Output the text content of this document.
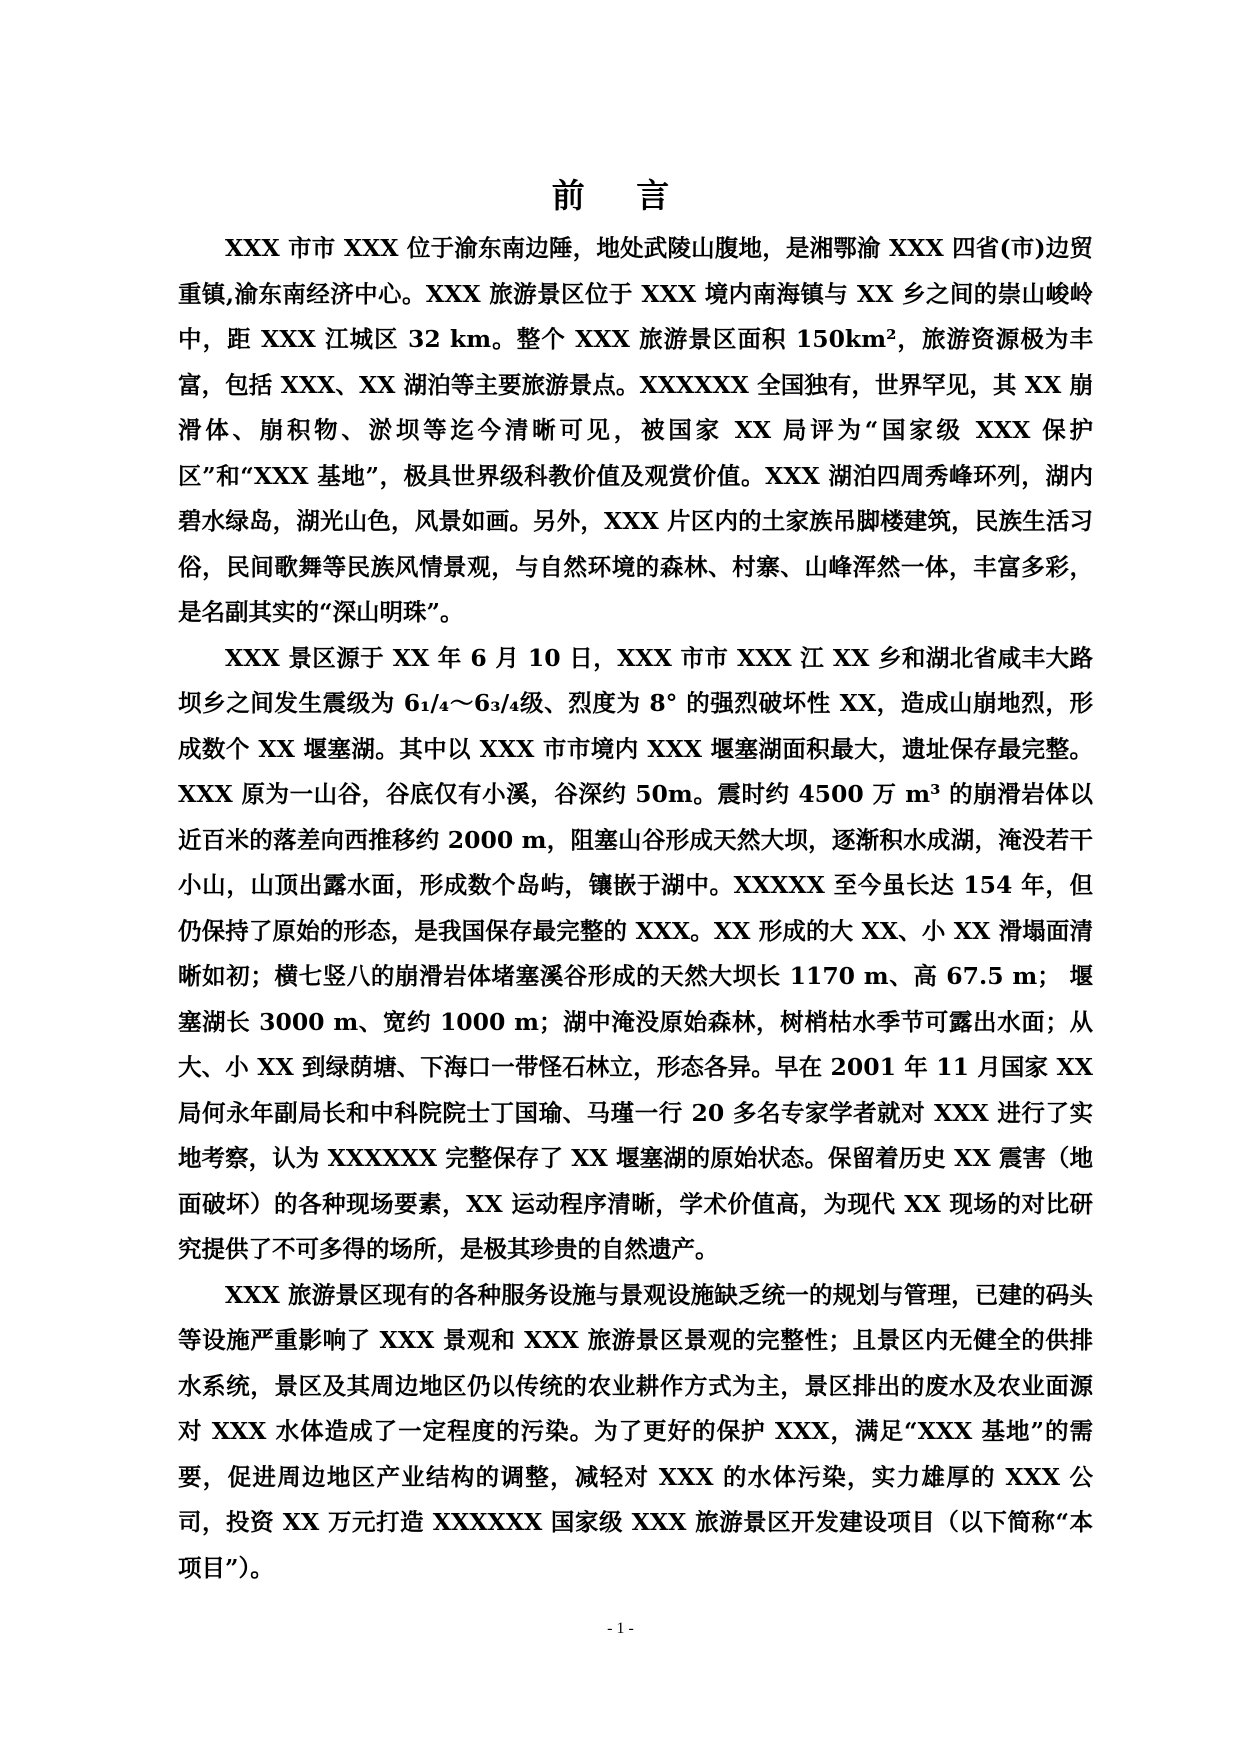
前 言

XXX 市市 XXX 位于渝东南边陲，地处武陵山腹地，是湘鄂渝 XXX 四省(市)边贸重镇,渝东南经济中心。XXX 旅游景区位于 XXX 境内南海镇与 XX 乡之间的崇山峻岭中，距 XXX 江城区 32 km。整个 XXX 旅游景区面积 150km²，旅游资源极为丰富，包括 XXX、XX 湖泊等主要旅游景点。XXXXXX 全国独有，世界罕见，其 XX 崩滑体、崩积物、淤坝等迄今清晰可见，被国家 XX 局评为“国家级 XXX 保护区”和“XXX 基地”，极具世界级科教价值及观赏价值。XXX 湖泊四周秀峰环列，湖内碧水绿岛，湖光山色，风景如画。另外，XXX 片区内的土家族吊脚楼建筑，民族生活习俗，民间歌舞等民族风情景观，与自然环境的森林、村寨、山峰浑然一体，丰富多彩，是名副其实的“深山明珠”。

XXX 景区源于 XX 年 6 月 10 日，XXX 市市 XXX 江 XX 乡和湖北省咸丰大路坝乡之间发生震级为 6₁/₄～6₃/₄级、烈度为 8° 的强烈破坏性 XX，造成山崩地烈，形成数个 XX 堰塞湖。其中以 XXX 市市境内 XXX 堰塞湖面积最大，遗址保存最完整。XXX 原为一山谷，谷底仅有小溪，谷深约 50m。震时约 4500 万 m³ 的崩滑岩体以近百米的落差向西推移约 2000 m，阻塞山谷形成天然大坝，逐渐积水成湖，淹没若干小山，山顶出露水面，形成数个岛屿，镶嵌于湖中。XXXXX 至今虽长达 154 年，但仍保持了原始的形态，是我国保存最完整的 XXX。XX 形成的大 XX、小 XX 滑塌面清晰如初；横七竖八的崩滑岩体堵塞溪谷形成的天然大坝长 1170 m、高 67.5 m； 堰塞湖长 3000 m、宽约 1000 m；湖中淹没原始森林，树梢枯水季节可露出水面；从大、小 XX 到绿荫塘、下海口一带怪石林立，形态各异。早在 2001 年 11 月国家 XX 局何永年副局长和中科院院士丁国瑜、马瑾一行 20 多名专家学者就对 XXX 进行了实地考察，认为 XXXXXX 完整保存了 XX 堰塞湖的原始状态。保留着历史 XX 震害（地面破坏）的各种现场要素，XX 运动程序清晰，学术价值高，为现代 XX 现场的对比研究提供了不可多得的场所，是极其珍贵的自然遗产。

XXX 旅游景区现有的各种服务设施与景观设施缺乏统一的规划与管理，已建的码头等设施严重影响了 XXX 景观和 XXX 旅游景区景观的完整性；且景区内无健全的供排水系统，景区及其周边地区仍以传统的农业耕作方式为主，景区排出的废水及农业面源对 XXX 水体造成了一定程度的污染。为了更好的保护 XXX，满足“XXX 基地”的需要，促进周边地区产业结构的调整，减轻对 XXX 的水体污染，实力雄厚的 XXX 公司，投资 XX 万元打造 XXXXXX 国家级 XXX 旅游景区开发建设项目（以下简称“本项目”）。

- 1 -
